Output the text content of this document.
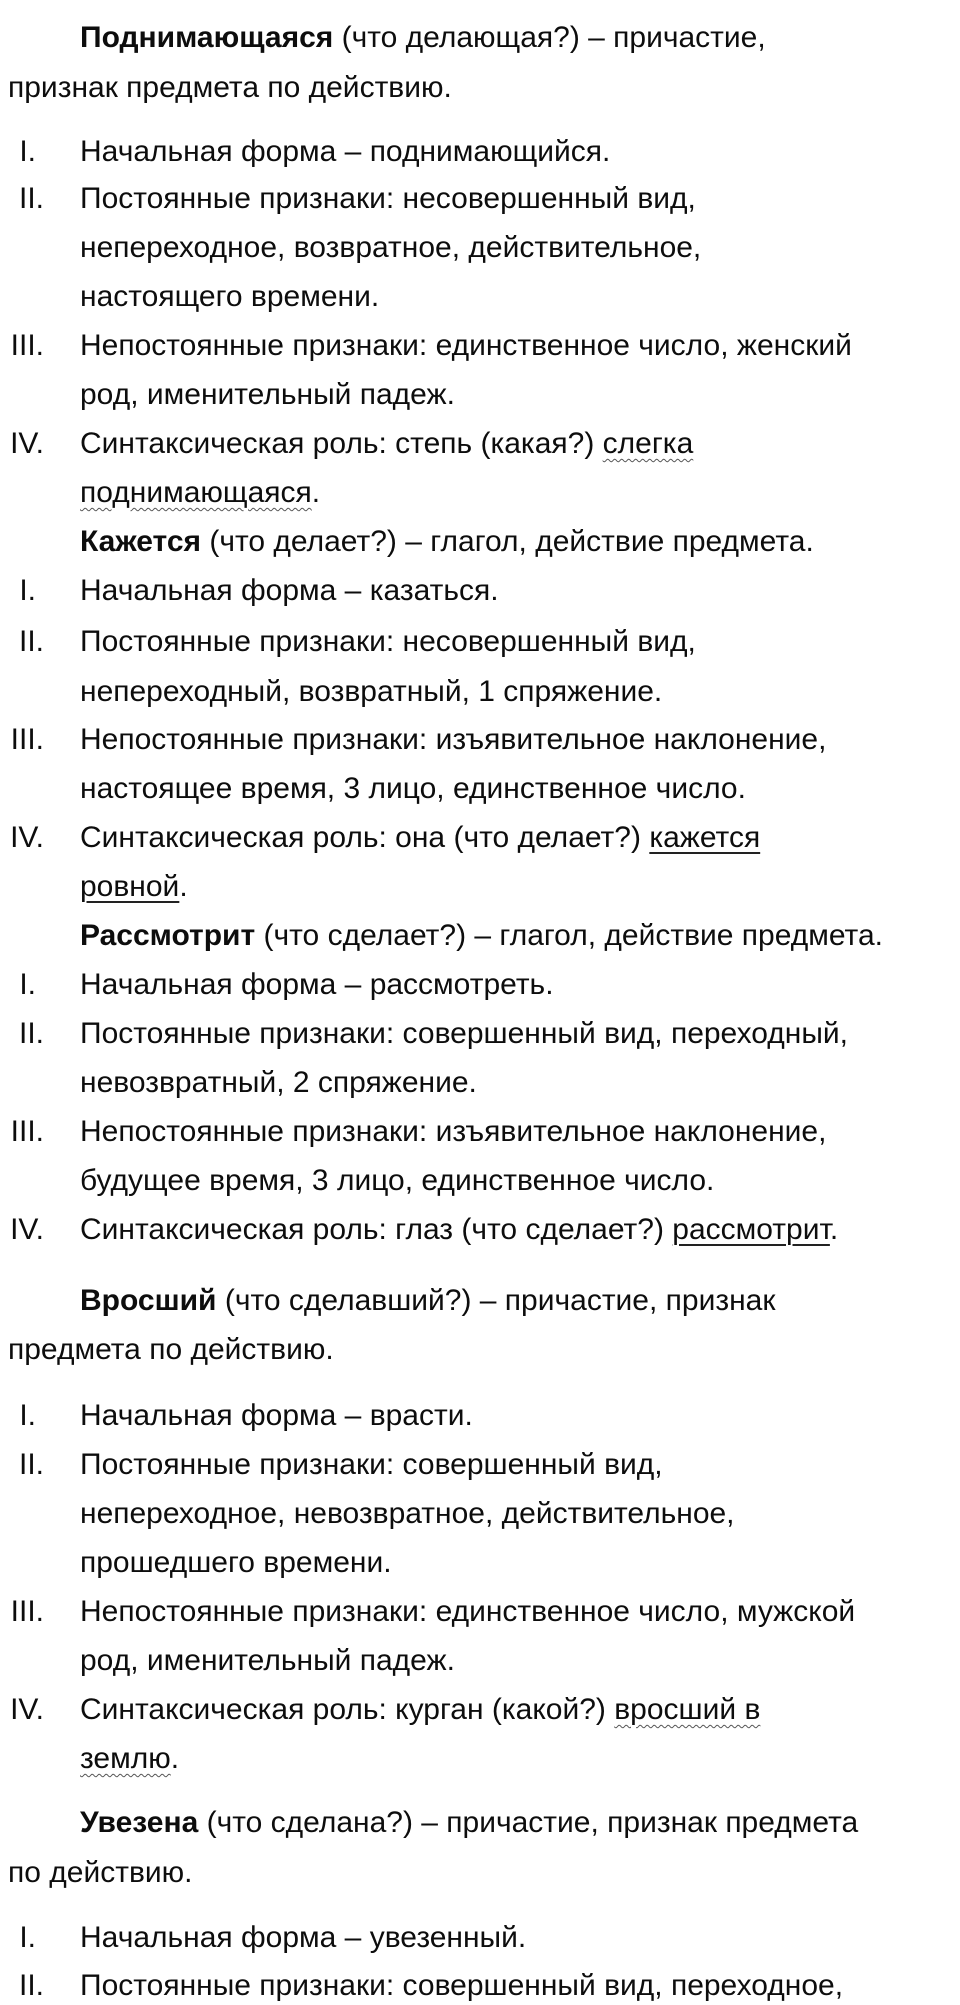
Поднимающаяся (что делающая?) – причастие,
признак предмета по действию.
I. Начальная форма – поднимающийся.
II. Постоянные признаки: несовершенный вид,
непереходное, возвратное, действительное,
настоящего времени.
III. Непостоянные признаки: единственное число, женский
род, именительный падеж.
IV. Синтаксическая роль: степь (какая?) слегка
поднимающаяся.
Кажется (что делает?) – глагол, действие предмета.
I. Начальная форма – казаться.
II. Постоянные признаки: несовершенный вид,
непереходный, возвратный, 1 спряжение.
III. Непостоянные признаки: изъявительное наклонение,
настоящее время, 3 лицо, единственное число.
IV. Синтаксическая роль: она (что делает?) кажется
ровной.
Рассмотрит (что сделает?) – глагол, действие предмета.
I. Начальная форма – рассмотреть.
II. Постоянные признаки: совершенный вид, переходный,
невозвратный, 2 спряжение.
III. Непостоянные признаки: изъявительное наклонение,
будущее время, 3 лицо, единственное число.
IV. Синтаксическая роль: глаз (что сделает?) рассмотрит.
Вросший (что сделавший?) – причастие, признак
предмета по действию.
I. Начальная форма – врасти.
II. Постоянные признаки: совершенный вид,
непереходное, невозвратное, действительное,
прошедшего времени.
III. Непостоянные признаки: единственное число, мужской
род, именительный падеж.
IV. Синтаксическая роль: курган (какой?) вросший в
землю.
Увезена (что сделана?) – причастие, признак предмета
по действию.
I. Начальная форма – увезенный.
II. Постоянные признаки: совершенный вид, переходное,
